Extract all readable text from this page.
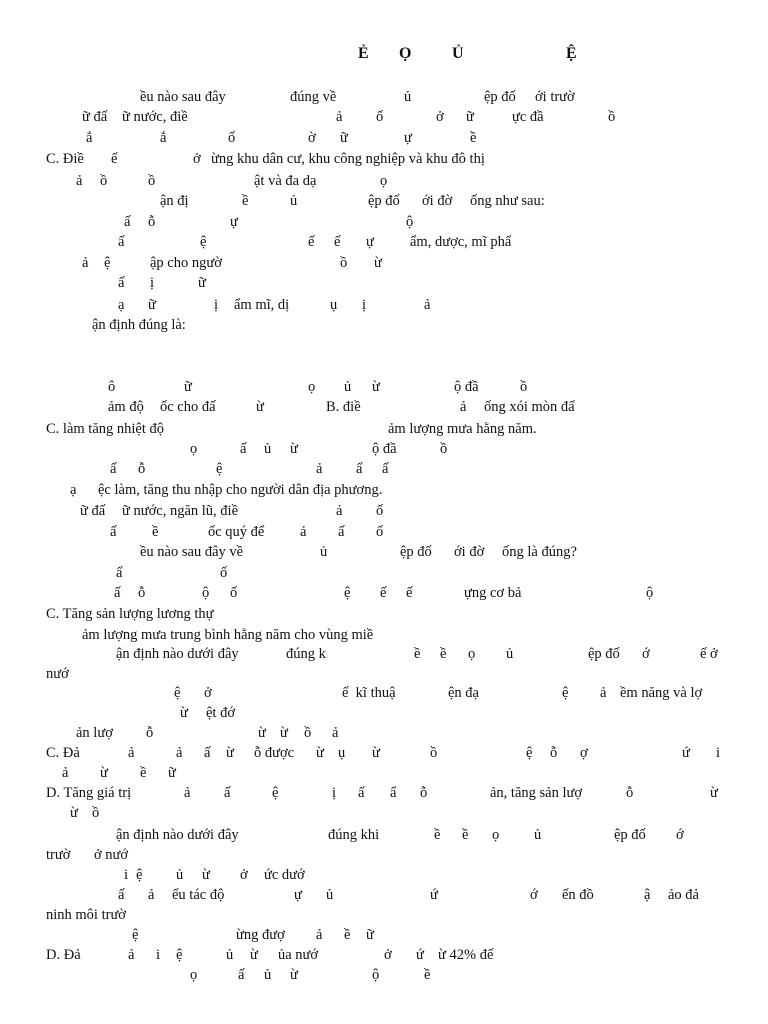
Ẻ Ọ	Ủ	Ệ
ều nào sau đây	đúng về	ủ	ệp đố ới trườ
ữ đấ ữ nước, điề	ả ố	ở ữ	ực đầ	ồ
ắ	ắ	ố	ờ ữ	ự	ề
C. Điề ế	ở ừng khu dân cư, khu công nghiệp và khu đô thị
ả ồ	ồ	ật và đa dạ	ọ
ận đị	ề	ủ	ệp đố ới đờ ống như sau:
ấ ỗ	ự	ộ
ấ	ệ	ế ế ự ẩm, dược, mĩ phẩ
ả ệ	ập cho ngườ	ồ ừ
ấ ị	ữ
ạ ữ	ị ẩm mĩ, dị	ụ ị	ả
ận định đúng là:
ô	ữ	ọ ủ ừ	ộ đầ	ồ
ảm độ ốc cho đấ	ừ	B. điề	ả ống xói mòn đấ
C. làm tăng nhiệt độ	ảm lượng mưa hằng năm.
ọ	ấ ủ ừ	ộ đầ	ồ
ấ ỗ	ệ	ả ấ ấ
ạ ệc làm, tăng thu nhập cho người dân địa phương.
ữ đấ ữ nước, ngăn lũ, điề	ả ố
ấ ề	ốc quý để ả ấ ố
ều nào sau đây về	ủ	ệp đố ới đờ ống là đúng?
ấ	ố
ấ ỗ	ộ ố	ệ ế ế	ựng cơ bả	ộ
C. Tăng sản lượng lương thự
ảm lượng mưa trung bình hằng năm cho vùng miề
ận định nào dưới đây	đúng k	ề ề ọ ủ	ệp đố ớ	ế ở
nướ
ệ ở	ế  kĩ thuậ	ện đạ	ệ ả ềm năng và lợ
ừ ệt đớ
ản lượ ỗ	ừ ừ ồ ả
C. Đả	ả	ả ấ ừ ỗ được ừ ụ ừ	ồ	ệ ỗ ợ	ứ i
ả ừ ề ữ
D. Tăng giá trị	ả ấ	ệ	ị ấ ẩ ỗ	ản, tăng sản lượ	ỗ	ừ
ừ ồ
ận định nào dưới đây	đúng khi	ề ề ọ ủ	ệp đố ớ
trườ ở nướ
i ệ ủ ừ ở ức dướ
ấ ả ểu tác độ	ự ủ	ứ	ớ ến đồ	ậ ảo đả
ninh môi trườ
ệ	ừng đượ ả ề ữ
D. Đả	ả i ệ	ủ ừ ủa nướ	ở ứ ừ 42% đế
ọ	ấ ủ ừ	ộ	ề
